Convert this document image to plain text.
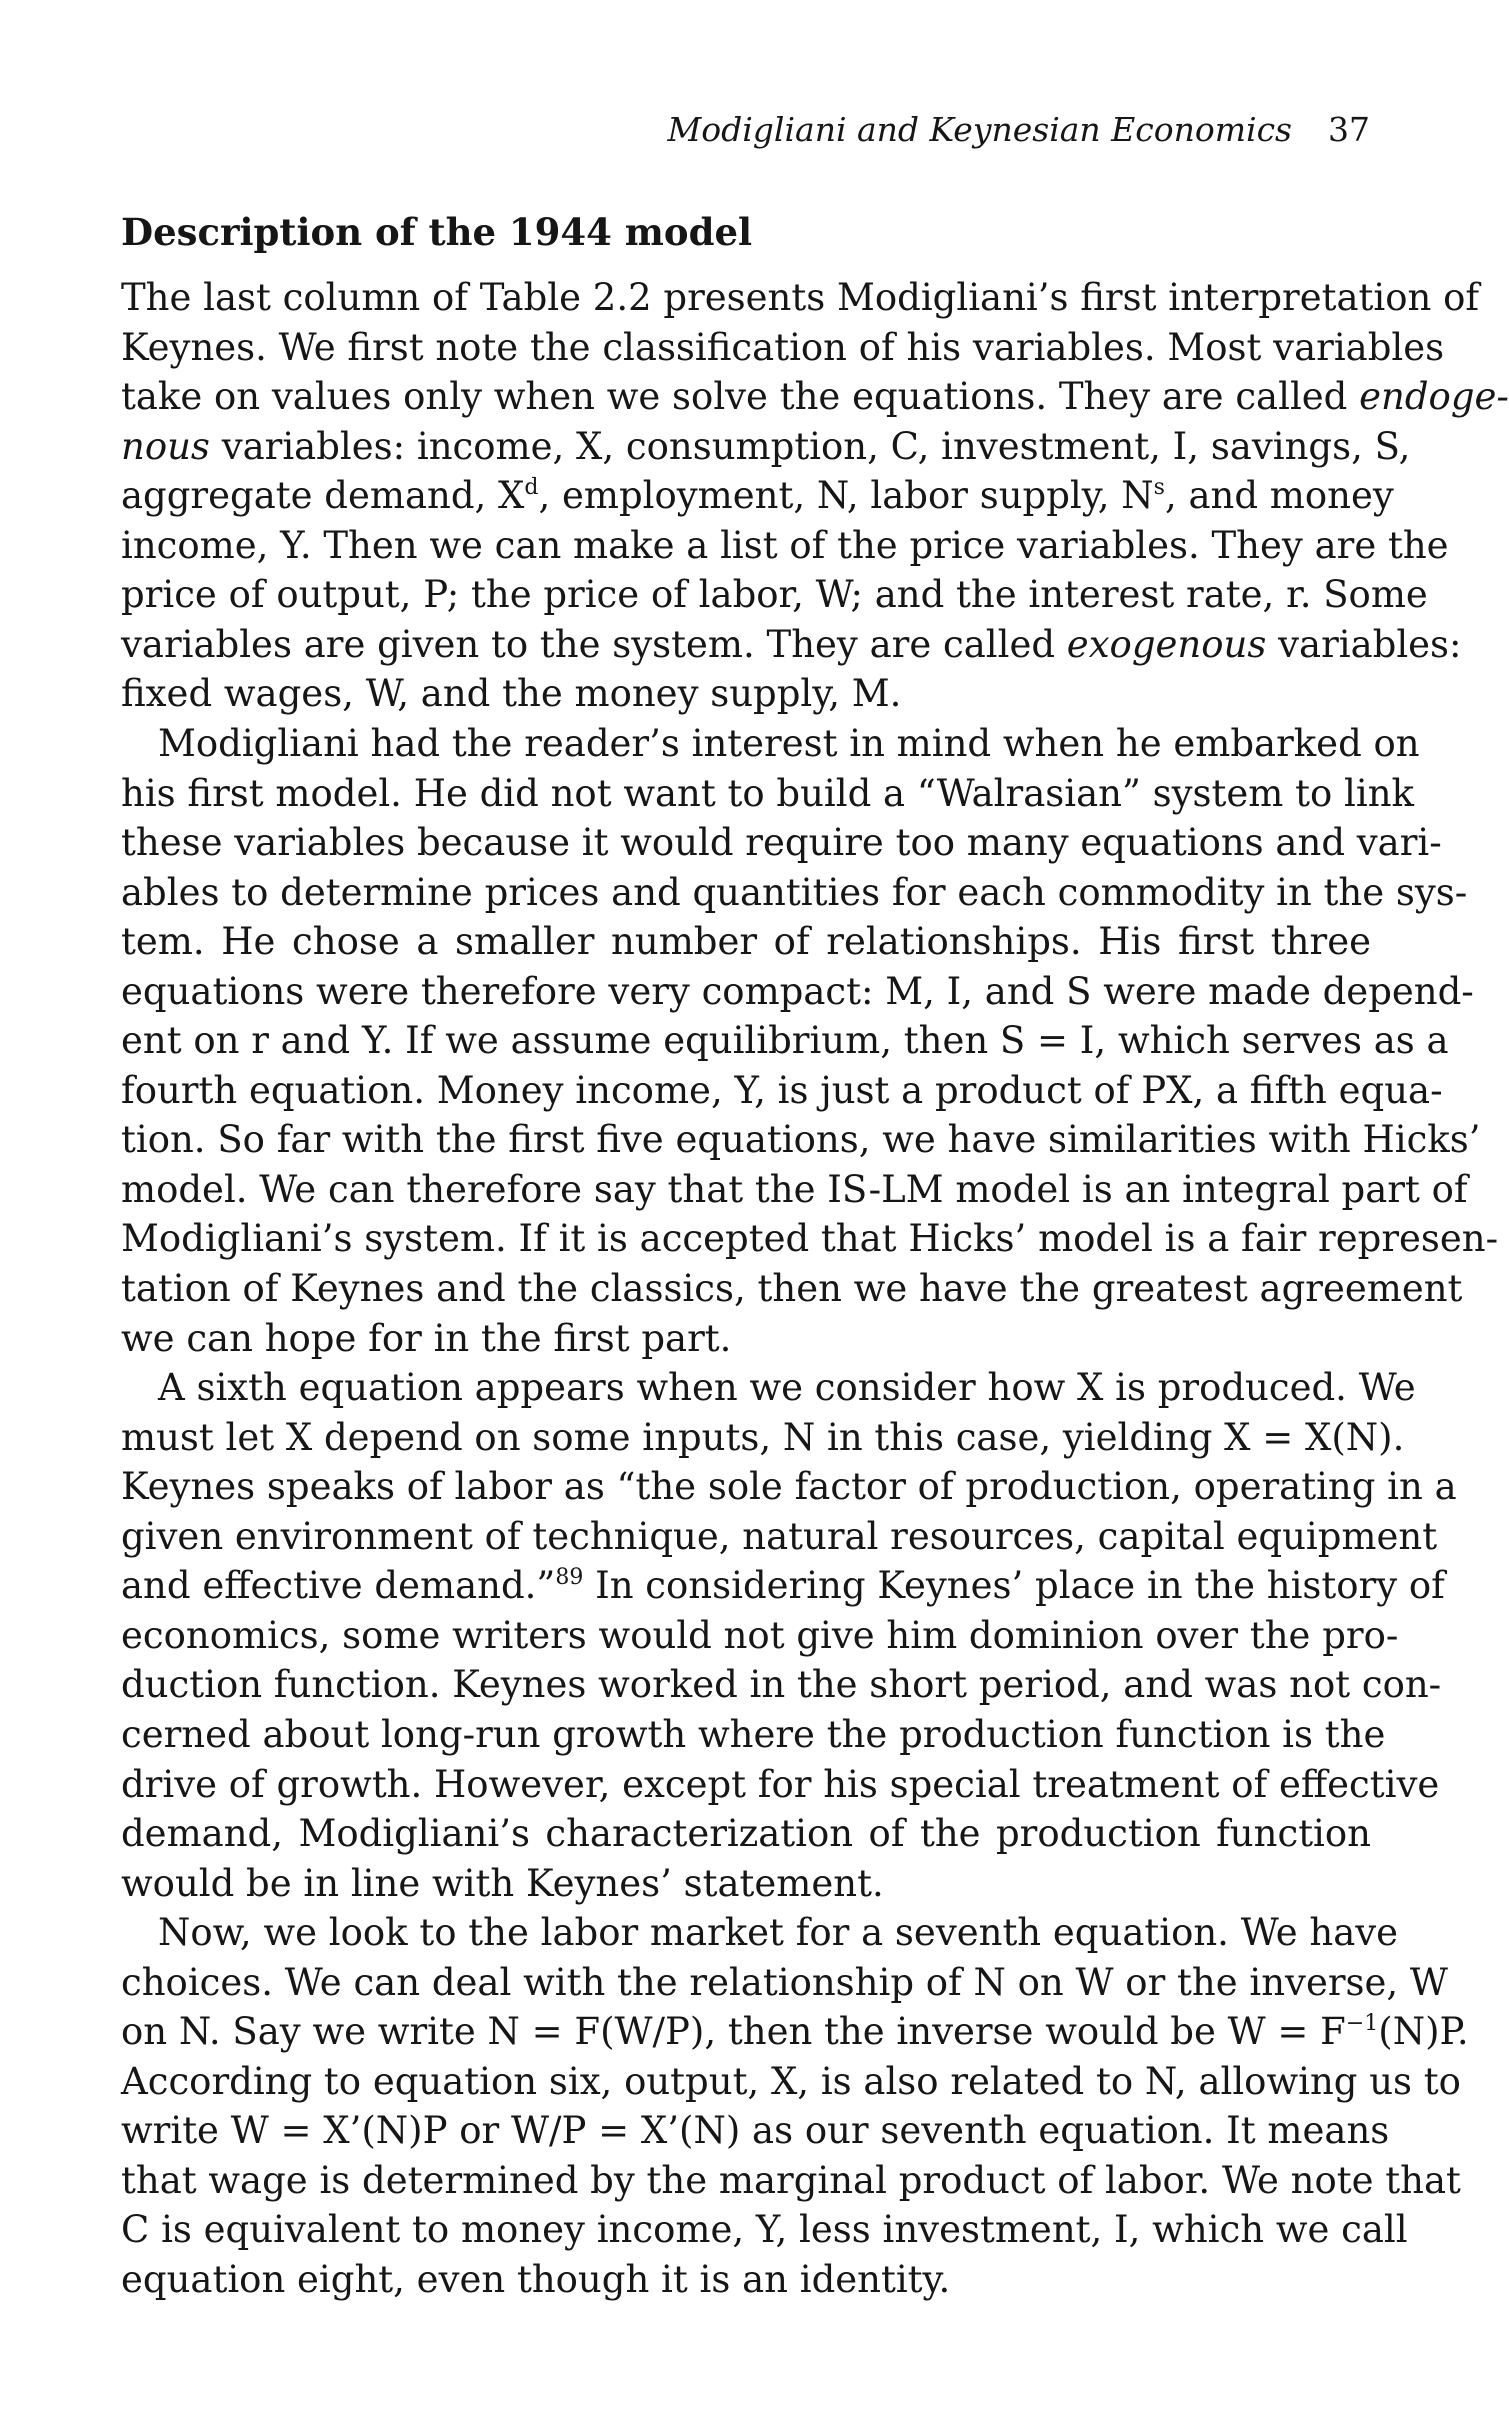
Modigliani and Keynesian Economics 37
Description of the 1944 model
The last column of Table 2.2 presents Modigliani’s first interpretation of
Keynes. We first note the classification of his variables. Most variables
take on values only when we solve the equations. They are called endoge-
nous variables: income, X, consumption, C, investment, I, savings, S,
aggregate demand, $X^d$, employment, N, labor supply, $N^s$, and money
income, Y. Then we can make a list of the price variables. They are the
price of output, P; the price of labor, W; and the interest rate, r. Some
variables are given to the system. They are called exogenous variables:
fixed wages, W, and the money supply, M.
Modigliani had the reader’s interest in mind when he embarked on
his first model. He did not want to build a “Walrasian” system to link
these variables because it would require too many equations and vari-
ables to determine prices and quantities for each commodity in the sys-
tem. He chose a smaller number of relationships. His first three
equations were therefore very compact: M, I, and S were made depend-
ent on r and Y. If we assume equilibrium, then S = I, which serves as a
fourth equation. Money income, Y, is just a product of PX, a fifth equa-
tion. So far with the first five equations, we have similarities with Hicks’
model. We can therefore say that the IS-LM model is an integral part of
Modigliani’s system. If it is accepted that Hicks’ model is a fair represen-
tation of Keynes and the classics, then we have the greatest agreement
we can hope for in the first part.
A sixth equation appears when we consider how X is produced. We
must let X depend on some inputs, N in this case, yielding X = X(N).
Keynes speaks of labor as “the sole factor of production, operating in a
given environment of technique, natural resources, capital equipment
and effective demand.”$^{89}$ In considering Keynes’ place in the history of
economics, some writers would not give him dominion over the pro-
duction function. Keynes worked in the short period, and was not con-
cerned about long-run growth where the production function is the
drive of growth. However, except for his special treatment of effective
demand, Modigliani’s characterization of the production function
would be in line with Keynes’ statement.
Now, we look to the labor market for a seventh equation. We have
choices. We can deal with the relationship of N on W or the inverse, W
on N. Say we write N = F(W/P), then the inverse would be $W = F^{-1}(N)P$.
According to equation six, output, X, is also related to N, allowing us to
write W = X’(N)P or W/P = X’(N) as our seventh equation. It means
that wage is determined by the marginal product of labor. We note that
C is equivalent to money income, Y, less investment, I, which we call
equation eight, even though it is an identity.
